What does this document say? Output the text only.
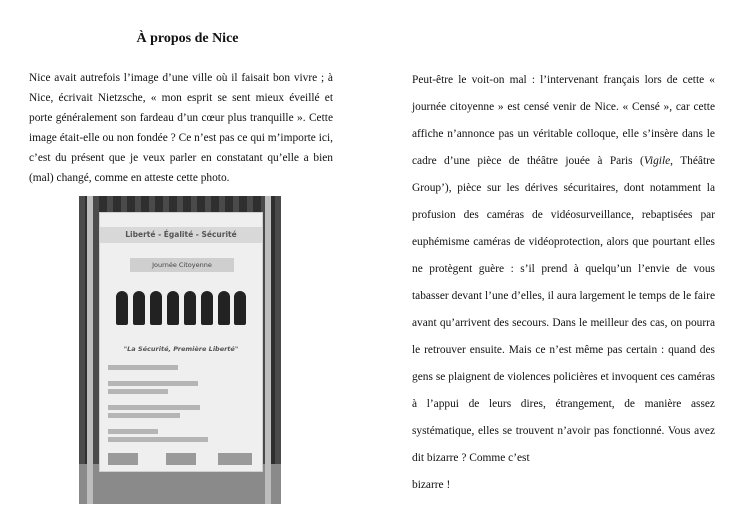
À propos de Nice
Nice avait autrefois l’image d’une ville où il faisait bon vivre ; à Nice, écrivait Nietzsche, « mon esprit se sent mieux éveillé et porte généralement son fardeau d’un cœur plus tranquille ». Cette image était-elle ou non fondée ? Ce n’est pas ce qui m’importe ici, c’est du présent que je veux parler en constatant qu’elle a bien (mal) changé, comme en atteste cette photo.
Liberté - Égalité - Sécurité
Journée Citoyenne
"La Sécurité, Première Liberté"
Peut-être le voit-on mal : l’intervenant français lors de cette « journée citoyenne » est censé venir de Nice. « Censé », car cette affiche n’annonce pas un véritable colloque, elle s’insère dans le cadre d’une pièce de théâtre jouée à Paris (Vigile, Théâtre Group’), pièce sur les dérives sécuritaires, dont notamment la profusion des caméras de vidéosurveillance, rebaptisées par euphémisme caméras de vidéoprotection, alors que pourtant elles ne protègent guère : s’il prend à quelqu’un l’envie de vous tabasser devant l’une d’elles, il aura largement le temps de le faire avant qu’arrivent des secours. Dans le meilleur des cas, on pourra le retrouver ensuite. Mais ce n’est même pas certain : quand des gens se plaignent de violences policières et invoquent ces caméras à l’appui de leurs dires, étrangement, de manière assez systématique, elles se trouvent n’avoir pas fonctionné. Vous avez dit bizarre ? Comme c’est

bizarre !
